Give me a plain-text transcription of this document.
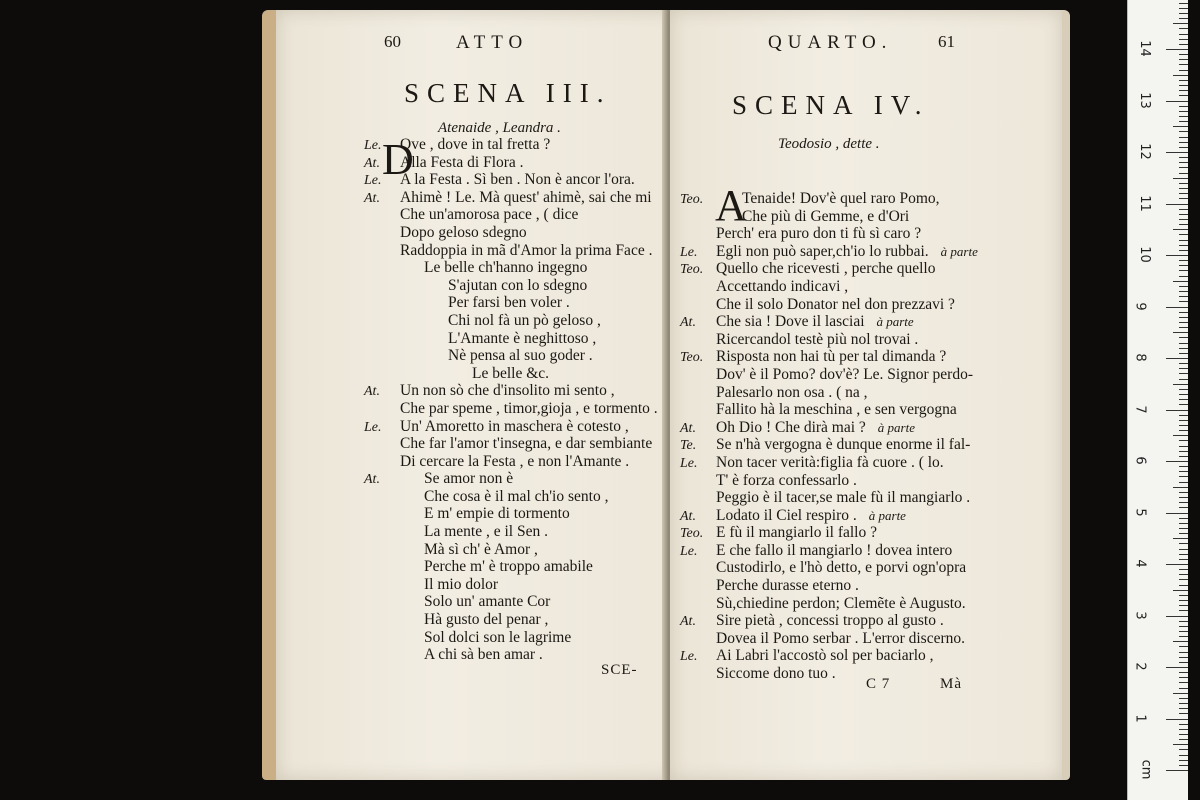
60	ATTO
SCENA III.
Atenaide , Leandra .
D
Le. Ove , dove in tal fretta ?
At. Alla Festa di Flora .
Le. A la Festa . Sì ben . Non è ancor l'ora.
At. Ahimè ! Le. Mà quest' ahimè, sai che mi
Che un'amorosa pace , ( dice
Dopo geloso sdegno
Raddoppia in mã d'Amor la prima Face .
Le belle ch'hanno ingegno
S'ajutan con lo sdegno
Per farsi ben voler .
Chi nol fà un pò geloso ,
L'Amante è neghittoso ,
Nè pensa al suo goder .
Le belle &c.
At. Un non sò che d'insolito mi sento ,
Che par speme , timor,gioja , e tormento .
Le. Un' Amoretto in maschera è cotesto ,
Che far l'amor t'insegna, e dar sembiante
Di cercare la Festa , e non l'Amante .
At.	Se amor non è
Che cosa è il mal ch'io sento ,
E m' empie di tormento
La mente , e il Sen .
Mà sì ch' è Amor ,
Perche m' è troppo amabile
Il mio dolor
Solo un' amante Cor
Hà gusto del penar ,
Sol dolci son le lagrime
A chi sà ben amar .
SCE-
QUARTO.	61
SCENA IV.
Teodosio , dette .
A
Teo.	Tenaide! Dov'è quel raro Pomo,
Che più di Gemme, e d'Ori
Perch' era puro don ti fù sì caro ?
Le. Egli non può saper,ch'io lo rubbai. à parte
Teo. Quello che ricevesti , perche quello
Accettando indicavi ,
Che il solo Donator nel don prezzavi ?
At. Che sia ! Dove il lasciai à parte
Ricercandol testè più nol trovai .
Teo. Risposta non hai tù per tal dimanda ?
Dov' è il Pomo? dov'è? Le. Signor perdo-
Palesarlo non osa . ( na ,
Fallito hà la meschina , e sen vergogna
At. Oh Dio ! Che dirà mai ? à parte
Te. Se n'hà vergogna è dunque enorme il fal-
Le. Non tacer verità:figlia fà cuore . ( lo.
T' è forza confessarlo .
Peggio è il tacer,se male fù il mangiarlo .
At. Lodato il Ciel respiro . à parte
Teo. E fù il mangiarlo il fallo ?
Le. E che fallo il mangiarlo ! dovea intero
Custodirlo, e l'hò detto, e porvi ogn'opra
Perche durasse eterno .
Sù,chiedine perdon; Clemẽte è Augusto.
At. Sire pietà , concessi troppo al gusto .
Dovea il Pomo serbar . L'error discerno.
Le. Ai Labri l'accostò sol per baciarlo ,
Siccome dono tuo .
C 7	Mà
cm
1
2
3
4
5
6
7
8
9
10
11
12
13
14
